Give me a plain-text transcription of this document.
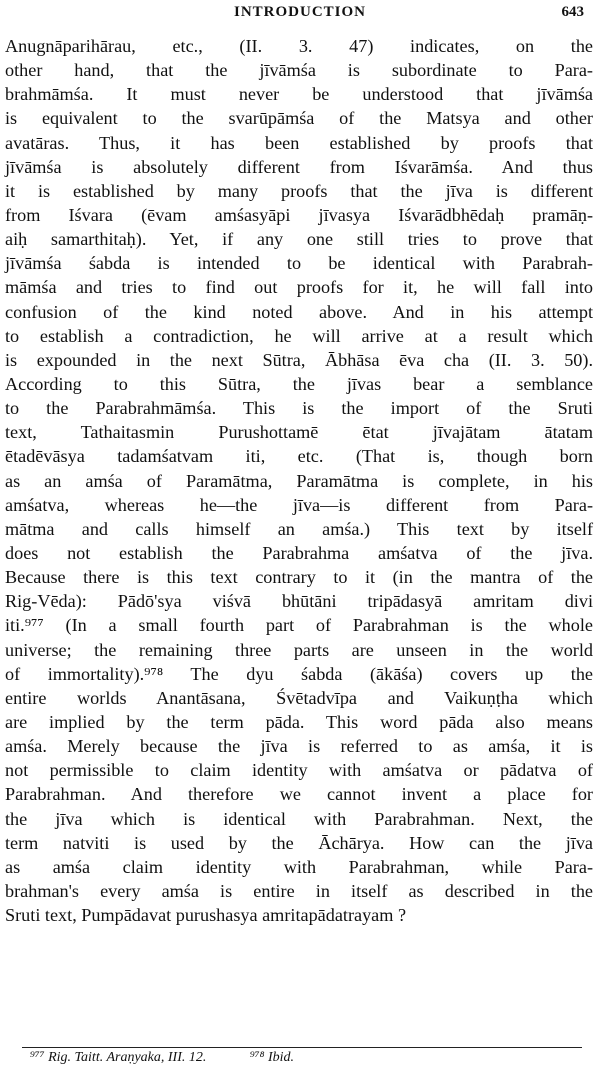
INTRODUCTION	643
Anugnāparihārau, etc., (II. 3. 47) indicates, on the
other hand, that the jīvāmśa is subordinate to Para-
brahmāmśa. It must never be understood that jīvāmśa
is equivalent to the svarūpāmśa of the Matsya and other
avatāras. Thus, it has been established by proofs that
jīvāmśa is absolutely different from Iśvarāmśa. And thus
it is established by many proofs that the jīva is different
from Iśvara (ēvam amśasyāpi jīvasya Iśvarādbhēdaḥ pramāṇ-
aiḥ samarthitaḥ). Yet, if any one still tries to prove that
jīvāmśa śabda is intended to be identical with Parabrah-
māmśa and tries to find out proofs for it, he will fall into
confusion of the kind noted above. And in his attempt
to establish a contradiction, he will arrive at a result which
is expounded in the next Sūtra, Ābhāsa ēva cha (II. 3. 50).
According to this Sūtra, the jīvas bear a semblance
to the Parabrahmāmśa. This is the import of the Sruti
text, Tathaitasmin Purushottamē ētat jīvajātam ātatam
ētadēvāsya tadamśatvam iti, etc. (That is, though born
as an amśa of Paramātma, Paramātma is complete, in his
amśatva, whereas he—the jīva—is different from Para-
mātma and calls himself an amśa.) This text by itself
does not establish the Parabrahma amśatva of the jīva.
Because there is this text contrary to it (in the mantra of the
Rig-Vēda): Pādō'sya viśvā bhūtāni tripādasyā amritam divi
iti.⁹⁷⁷ (In a small fourth part of Parabrahman is the whole
universe; the remaining three parts are unseen in the world
of immortality).⁹⁷⁸ The dyu śabda (ākāśa) covers up the
entire worlds Anantāsana, Śvētadvīpa and Vaikuṇṭha which
are implied by the term pāda. This word pāda also means
amśa. Merely because the jīva is referred to as amśa, it is
not permissible to claim identity with amśatva or pādatva of
Parabrahman. And therefore we cannot invent a place for
the jīva which is identical with Parabrahman. Next, the
term natviti is used by the Āchārya. How can the jīva
as amśa claim identity with Parabrahman, while Para-
brahman's every amśa is entire in itself as described in the
Sruti text, Pumpādavat purushasya amritapādatrayam ?
⁹⁷⁷ Rig. Taitt. Araṇyaka, III. 12.	⁹⁷⁸ Ibid.
